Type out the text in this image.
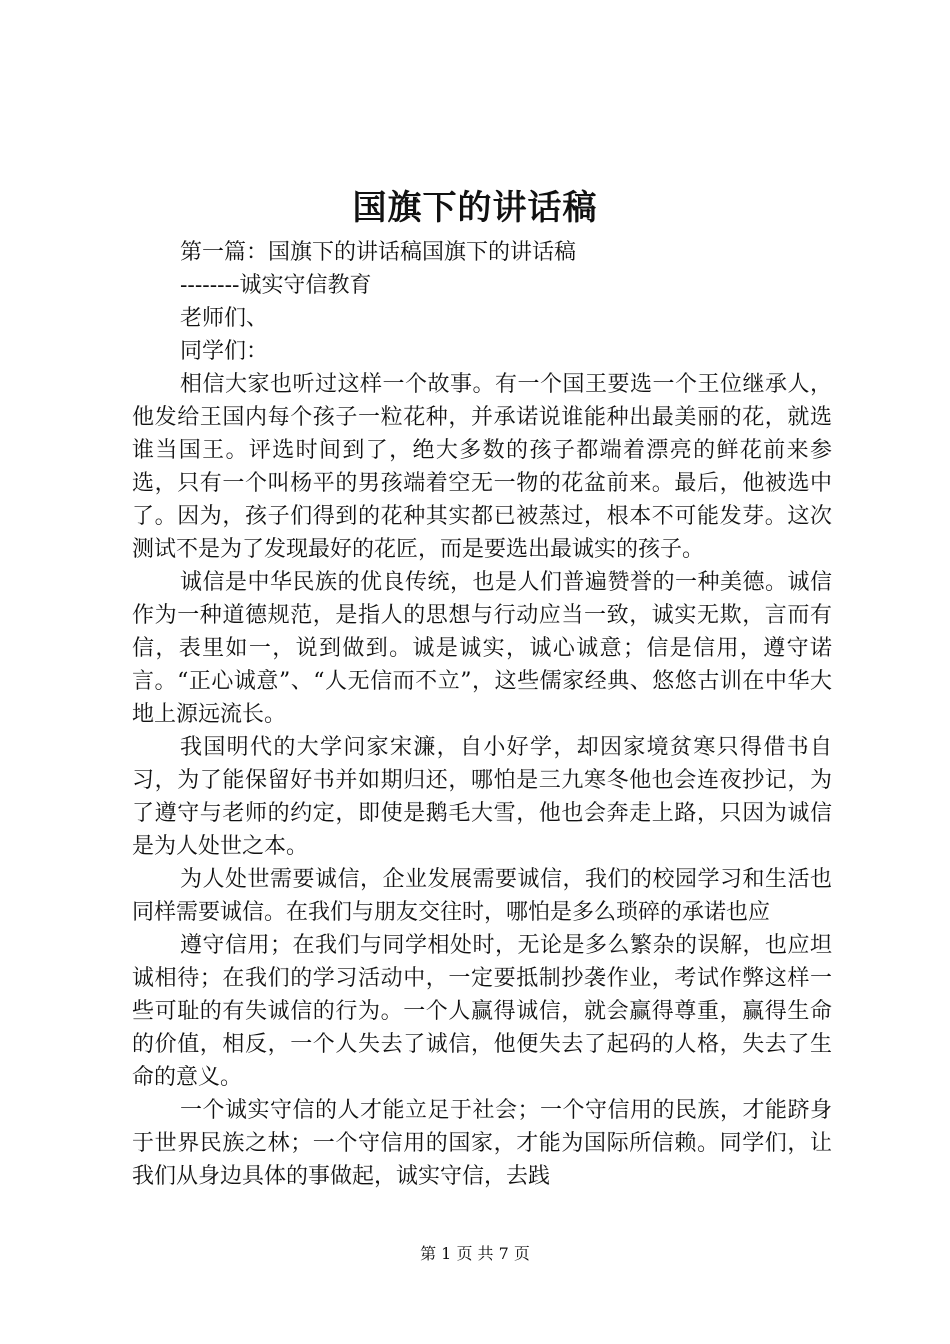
国旗下的讲话稿
第一篇：国旗下的讲话稿国旗下的讲话稿
--------诚实守信教育
老师们、
同学们：
相信大家也听过这样一个故事。有一个国王要选一个王位继承人，他发给王国内每个孩子一粒花种，并承诺说谁能种出最美丽的花，就选谁当国王。评选时间到了，绝大多数的孩子都端着漂亮的鲜花前来参选，只有一个叫杨平的男孩端着空无一物的花盆前来。最后，他被选中了。因为，孩子们得到的花种其实都已被蒸过，根本不可能发芽。这次测试不是为了发现最好的花匠，而是要选出最诚实的孩子。
诚信是中华民族的优良传统，也是人们普遍赞誉的一种美德。诚信作为一种道德规范，是指人的思想与行动应当一致，诚实无欺，言而有信，表里如一，说到做到。诚是诚实，诚心诚意；信是信用，遵守诺言。“正心诚意”、“人无信而不立”，这些儒家经典、悠悠古训在中华大地上源远流长。
我国明代的大学问家宋濂，自小好学，却因家境贫寒只得借书自习，为了能保留好书并如期归还，哪怕是三九寒冬他也会连夜抄记，为了遵守与老师的约定，即使是鹅毛大雪，他也会奔走上路，只因为诚信是为人处世之本。
为人处世需要诚信，企业发展需要诚信，我们的校园学习和生活也同样需要诚信。在我们与朋友交往时，哪怕是多么琐碎的承诺也应
遵守信用；在我们与同学相处时，无论是多么繁杂的误解，也应坦诚相待；在我们的学习活动中，一定要抵制抄袭作业，考试作弊这样一些可耻的有失诚信的行为。一个人赢得诚信，就会赢得尊重，赢得生命的价值，相反，一个人失去了诚信，他便失去了起码的人格，失去了生命的意义。
一个诚实守信的人才能立足于社会；一个守信用的民族，才能跻身于世界民族之林；一个守信用的国家，才能为国际所信赖。同学们，让我们从身边具体的事做起，诚实守信，去践
第 1 页 共 7 页
